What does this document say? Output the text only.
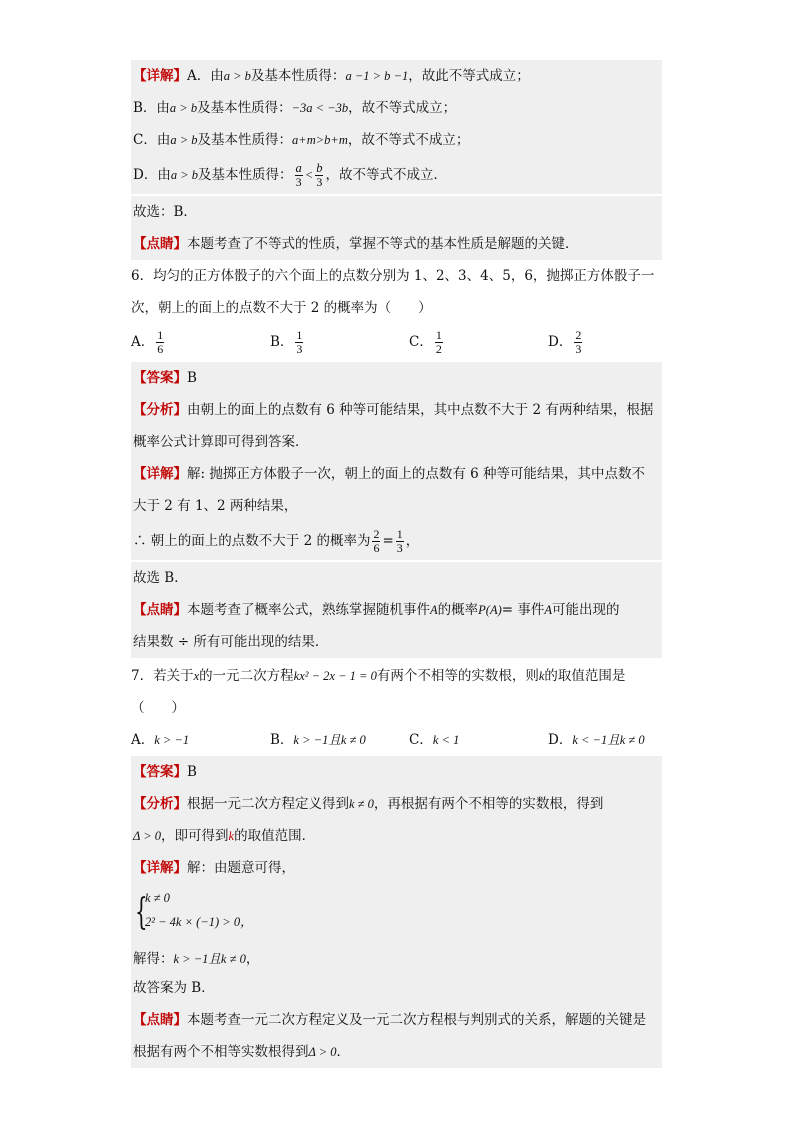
【详解】A．由a > b及基本性质得：a −1 > b −1，故此不等式成立；
B．由a > b及基本性质得：−3a < −3b，故不等式成立；
C．由a > b及基本性质得：a+m>b+m，故不等式不成立；
D．由a > b及基本性质得： $\frac{a}{3} < \frac{b}{3}$ ，故不等式不成立．
故选：B．
【点睛】本题考查了不等式的性质，掌握不等式的基本性质是解题的关键．
6．均匀的正方体骰子的六个面上的点数分别为 1、2、3、4、5，6，抛掷正方体骰子一
次，朝上的面上的点数不大于 2 的概率为（　　）
A． $\frac{1}{6}$	B． $\frac{1}{3}$	C． $\frac{1}{2}$	D． $\frac{2}{3}$
【答案】B
【分析】由朝上的面上的点数有 6 种等可能结果，其中点数不大于 2 有两种结果，根据
概率公式计算即可得到答案．
【详解】解: 抛掷正方体骰子一次，朝上的面上的点数有 6 种等可能结果，其中点数不
大于 2 有 1、2 两种结果，
∴ 朝上的面上的点数不大于 2 的概率为 $\frac{2}{6} = \frac{1}{3}$ ，
故选 B．
【点睛】本题考查了概率公式，熟练掌握随机事件A的概率P(A)= 事件A可能出现的
结果数 ÷ 所有可能出现的结果．
7．若关于x的一元二次方程kx² − 2x − 1 = 0有两个不相等的实数根，则k的取值范围是
（　　）
A．k > −1	B．k > −1且k ≠ 0	C．k < 1	D．k < −1且k ≠ 0
【答案】B
【分析】根据一元二次方程定义得到k ≠ 0，再根据有两个不相等的实数根，得到
Δ > 0，即可得到k的取值范围．
【详解】解：由题意可得，
{
k ≠ 0
2² − 4k × (−1) > 0，
解得：k > −1且k ≠ 0，
故答案为 B．
【点睛】本题考查一元二次方程定义及一元二次方程根与判别式的关系，解题的关键是
根据有两个不相等实数根得到Δ > 0．
